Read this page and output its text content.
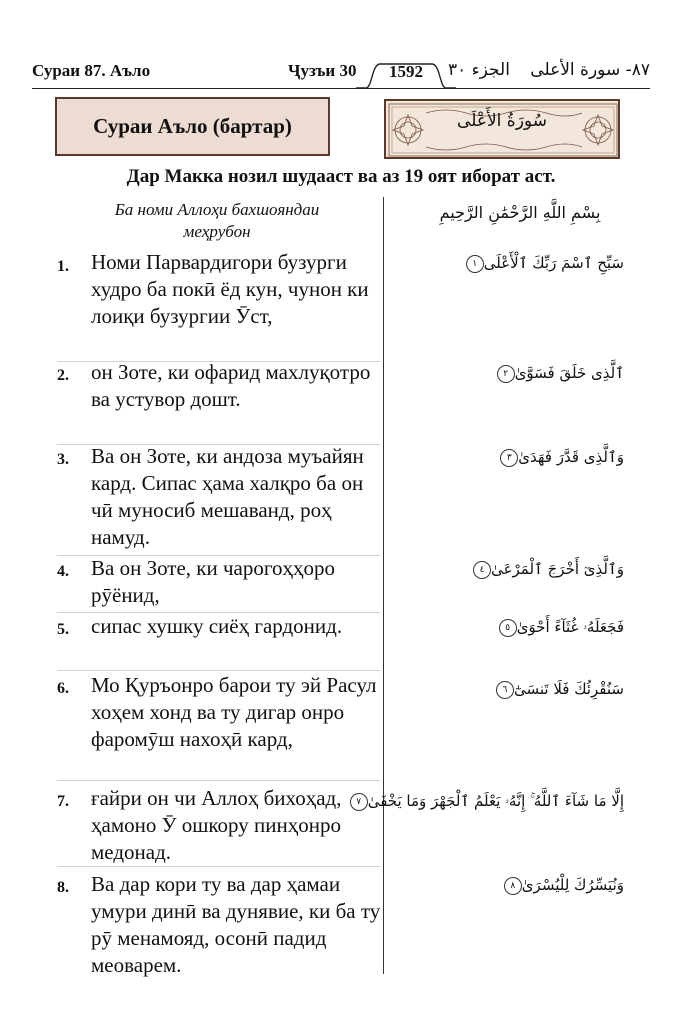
Сураи 87. Аъло	Ҷузъи 30	1592	الجزء ٣٠ ٨٧- سورة الأعلى
Сураи Аъло (бартар)	سُورَةُ الأَعْلَى
Дар Макка нозил шудааст ва аз 19 оят иборат аст.
Ба номи Аллоҳи бахшояндаи меҳрубон
بِسْمِ اللَّهِ الرَّحْمَٰنِ الرَّحِيمِ
1. Номи Парвардигори бузурги худро ба покӣ ёд кун, чунон ки лоиқи бузургии Ӯст,
سَبِّحِ ٱسْمَ رَبِّكَ ٱلْأَعْلَى١
2. он Зоте, ки офарид махлуқотро ва устувор дошт.
ٱلَّذِى خَلَقَ فَسَوَّىٰ٢
3. Ва он Зоте, ки андоза муъайян кард. Сипас ҳама халқро ба он чӣ муносиб мешаванд, роҳ намуд.
وَٱلَّذِى قَدَّرَ فَهَدَىٰ٣
4. Ва он Зоте, ки чарогоҳҳоро рӯёнид,
وَٱلَّذِىٓ أَخْرَجَ ٱلْمَرْعَىٰ٤
5. сипас хушку сиёҳ гардонид.	فَجَعَلَهُۥ غُثَآءً أَحْوَىٰ٥
6. Мо Қуръонро барои ту эй Расул хоҳем хонд ва ту дигар онро фаромӯш нахоҳӣ кард,
سَنُقْرِئُكَ فَلَا تَنسَىٰٓ٦
7. ғайри он чи Аллоҳ бихоҳад, ҳамоно Ӯ ошкору пинҳонро медонад.
إِلَّا مَا شَآءَ ٱللَّهُ ۚ إِنَّهُۥ يَعْلَمُ ٱلْجَهْرَ وَمَا يَخْفَىٰ٧
8. Ва дар кори ту ва дар ҳамаи умури динӣ ва дунявие, ки ба ту рӯ менамояд, осонӣ падид меоварем.
وَنُيَسِّرُكَ لِلْيُسْرَىٰ٨
